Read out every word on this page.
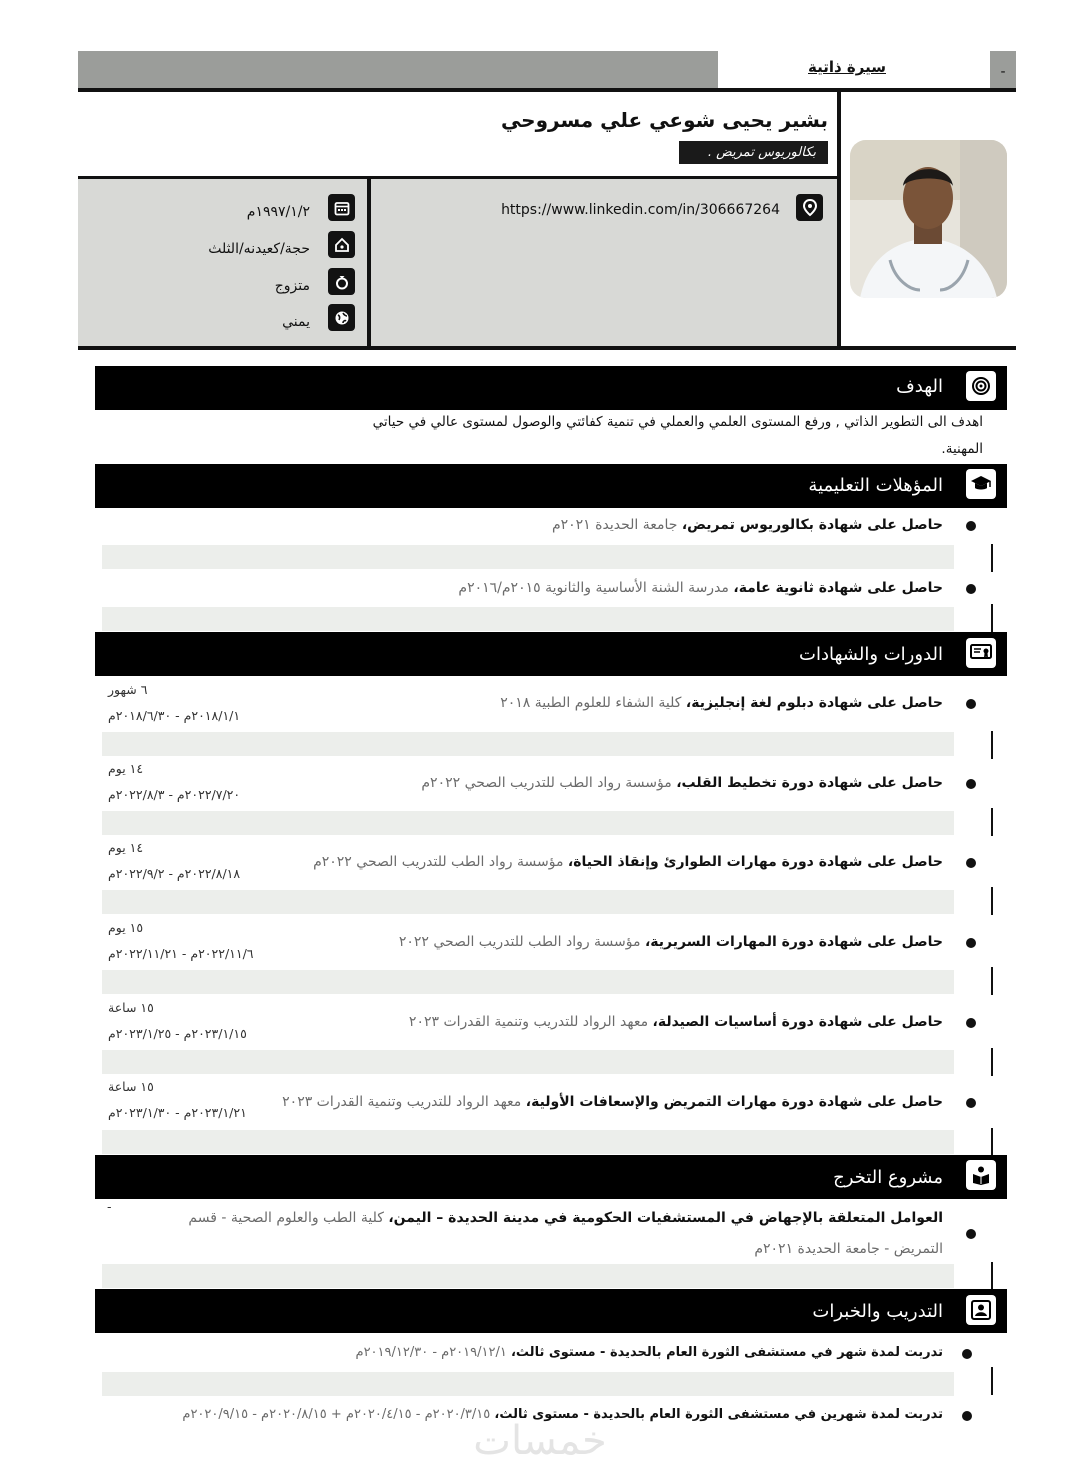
سيرة ذاتية	-
بشير يحيى شوعي علي مسروحي
بكالوريوس تمريض .
https://www.linkedin.com/in/306667264
١٩٩٧/١/٢م
حجة/كعيدنه/الثلث
متزوج
يمني
الهدف
اهدف الى التطوير الذاتي , ورفع المستوى العلمي والعملي في تنمية كفائتي والوصول لمستوى عالي في حياتي
المهنية.
المؤهلات التعليمية
حاصل على شهادة بكالوريوس تمريض، جامعة الحديدة ٢٠٢١م
حاصل على شهادة ثانوية عامة، مدرسة الشنة الأساسية والثانوية ٢٠١٥م/٢٠١٦م
الدورات والشهادات
حاصل على شهادة دبلوم لغة إنجليزية، كلية الشفاء للعلوم الطبية ٢٠١٨
٦ شهور
٢٠١٨/١/١م - ٢٠١٨/٦/٣٠م
حاصل على شهادة دورة تخطيط القلب، مؤسسة رواد الطب للتدريب الصحي ٢٠٢٢م
١٤ يوم
٢٠٢٢/٧/٢٠م - ٢٠٢٢/٨/٣م
حاصل على شهادة دورة مهارات الطوارئ وإنقاذ الحياة، مؤسسة رواد الطب للتدريب الصحي ٢٠٢٢م
١٤ يوم
٢٠٢٢/٨/١٨م - ٢٠٢٢/٩/٢م
حاصل على شهادة دورة المهارات السريرية، مؤسسة رواد الطب للتدريب الصحي ٢٠٢٢
١٥ يوم
٢٠٢٢/١١/٦م - ٢٠٢٢/١١/٢١م
حاصل على شهادة دورة أساسيات الصيدلة، معهد الرواد للتدريب وتنمية القدرات ٢٠٢٣
١٥ ساعة
٢٠٢٣/١/١٥م - ٢٠٢٣/١/٢٥م
حاصل على شهادة دورة مهارات التمريض والإسعافات الأولية، معهد الرواد للتدريب وتنمية القدرات ٢٠٢٣
١٥ ساعة
٢٠٢٣/١/٢١م - ٢٠٢٣/١/٣٠م
مشروع التخرج
العوامل المتعلقة بالإجهاض في المستشفيات الحكومية في مدينة الحديدة – اليمن، كلية الطب والعلوم الصحية - قسم
التمريض - جامعة الحديدة ٢٠٢١م
-
التدريب والخبرات
تدربت لمدة شهر في مستشفى الثورة العام بالحديدة - مستوى ثالث، ٢٠١٩/١٢/١م - ٢٠١٩/١٢/٣٠م
تدربت لمدة شهرين في مستشفى الثورة العام بالحديدة - مستوى ثالث، ٢٠٢٠/٣/١٥م - ٢٠٢٠/٤/١٥م + ٢٠٢٠/٨/١٥م - ٢٠٢٠/٩/١٥م
خمسات
